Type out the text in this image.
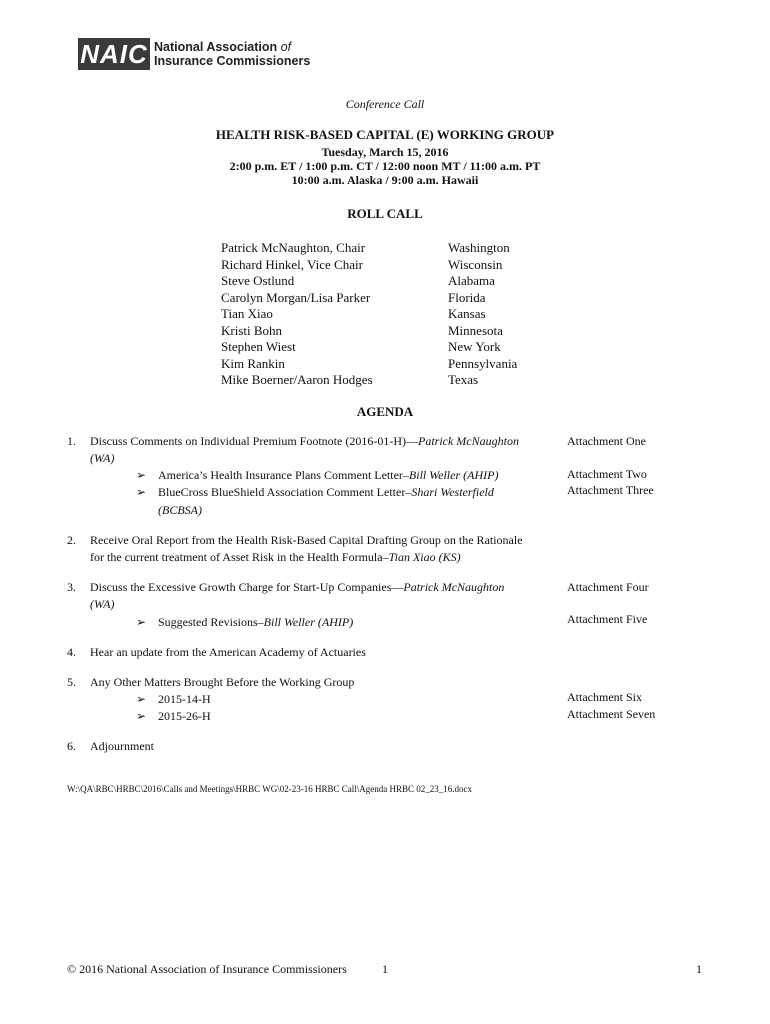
NAIC National Association of
Insurance Commissioners
Conference Call
HEALTH RISK-BASED CAPITAL (E) WORKING GROUP
Tuesday, March 15, 2016
2:00 p.m. ET / 1:00 p.m. CT / 12:00 noon MT / 11:00 a.m. PT
10:00 a.m. Alaska / 9:00 a.m. Hawaii
ROLL CALL
Patrick McNaughton, Chair	Washington
Richard Hinkel, Vice Chair	Wisconsin
Steve Ostlund	Alabama
Carolyn Morgan/Lisa Parker	Florida
Tian Xiao	Kansas
Kristi Bohn	Minnesota
Stephen Wiest	New York
Kim Rankin	Pennsylvania
Mike Boerner/Aaron Hodges	Texas
AGENDA
1. Discuss Comments on Individual Premium Footnote (2016-01-H)—Patrick McNaughton	Attachment One
(WA)
➢ America’s Health Insurance Plans Comment Letter–Bill Weller (AHIP)	Attachment Two
➢ BlueCross BlueShield Association Comment Letter–Shari Westerfield	Attachment Three
(BCBSA)
2. Receive Oral Report from the Health Risk-Based Capital Drafting Group on the Rationale
for the current treatment of Asset Risk in the Health Formula–Tian Xiao (KS)
3. Discuss the Excessive Growth Charge for Start-Up Companies—Patrick McNaughton	Attachment Four
(WA)
➢ Suggested Revisions–Bill Weller (AHIP)	Attachment Five
4. Hear an update from the American Academy of Actuaries
5. Any Other Matters Brought Before the Working Group
➢ 2015-14-H	Attachment Six
➢ 2015-26-H	Attachment Seven
6. Adjournment
W:\QA\RBC\HRBC\2016\Calls and Meetings\HRBC WG\02-23-16 HRBC Call\Agenda HRBC 02_23_16.docx
© 2016 National Association of Insurance Commissioners	1	1
